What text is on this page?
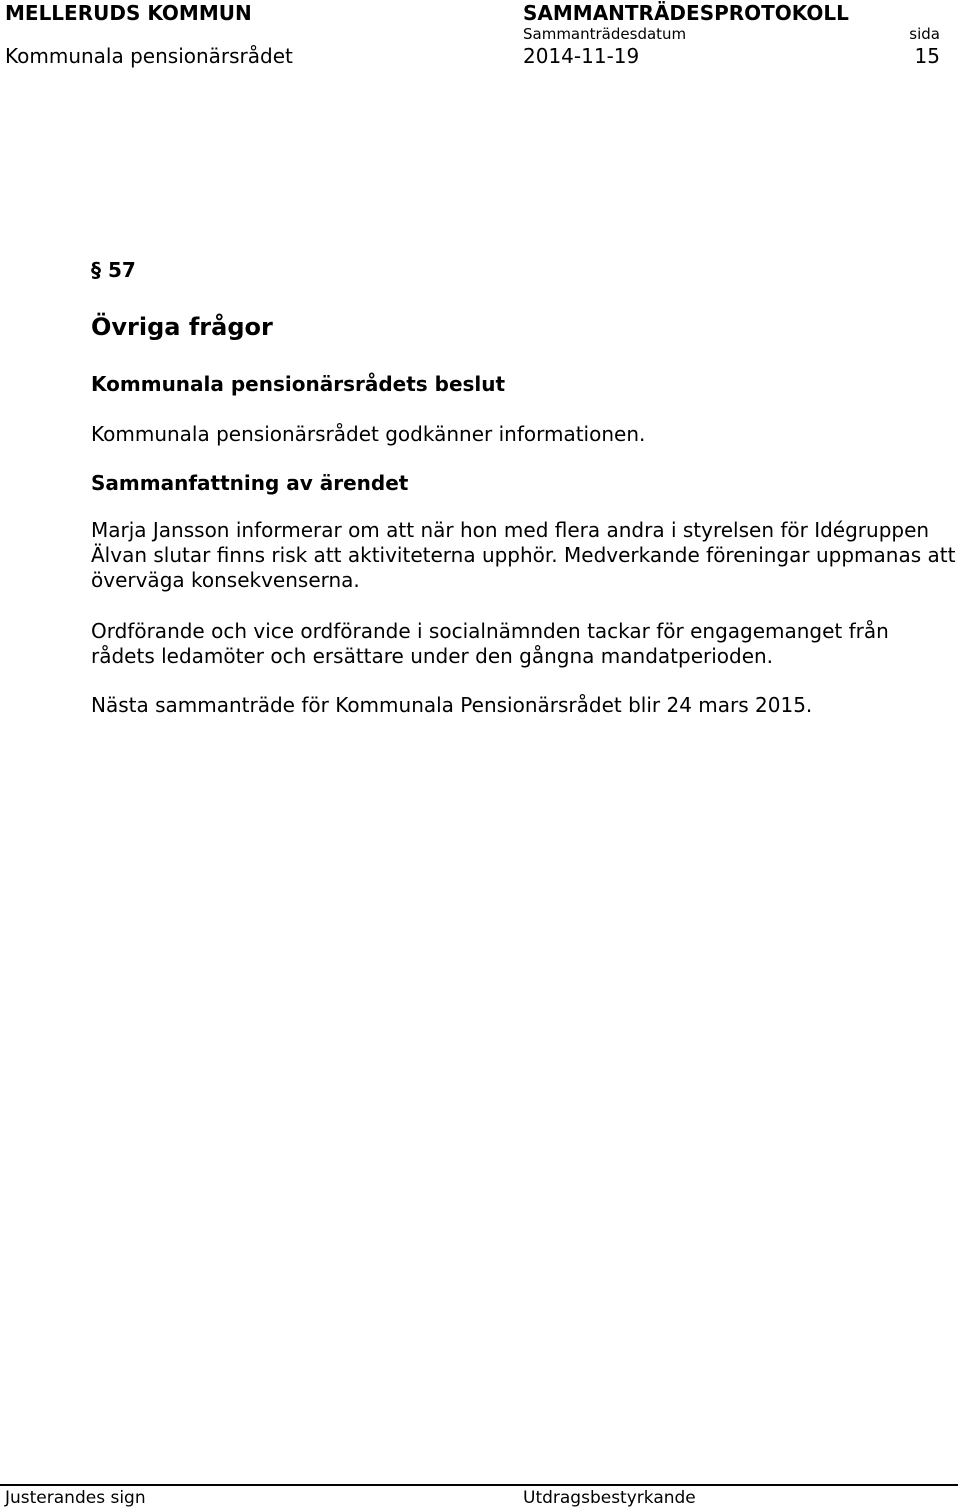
MELLERUDS KOMMUN
Kommunala pensionärsrådet
SAMMANTRÄDESPROTOKOLL
Sammanträdesdatum
2014-11-19
sida
15
§ 57
Övriga frågor
Kommunala pensionärsrådets beslut
Kommunala pensionärsrådet godkänner informationen.
Sammanfattning av ärendet
Marja Jansson informerar om att när hon med flera andra i styrelsen för Idégruppen Älvan slutar finns risk att aktiviteterna upphör. Medverkande föreningar uppmanas att överväga konsekvenserna.
Ordförande och vice ordförande i socialnämnden tackar för engagemanget från rådets ledamöter och ersättare under den gångna mandatperioden.
Nästa sammanträde för Kommunala Pensionärsrådet blir 24 mars 2015.
Justerandes sign	Utdragsbestyrkande
